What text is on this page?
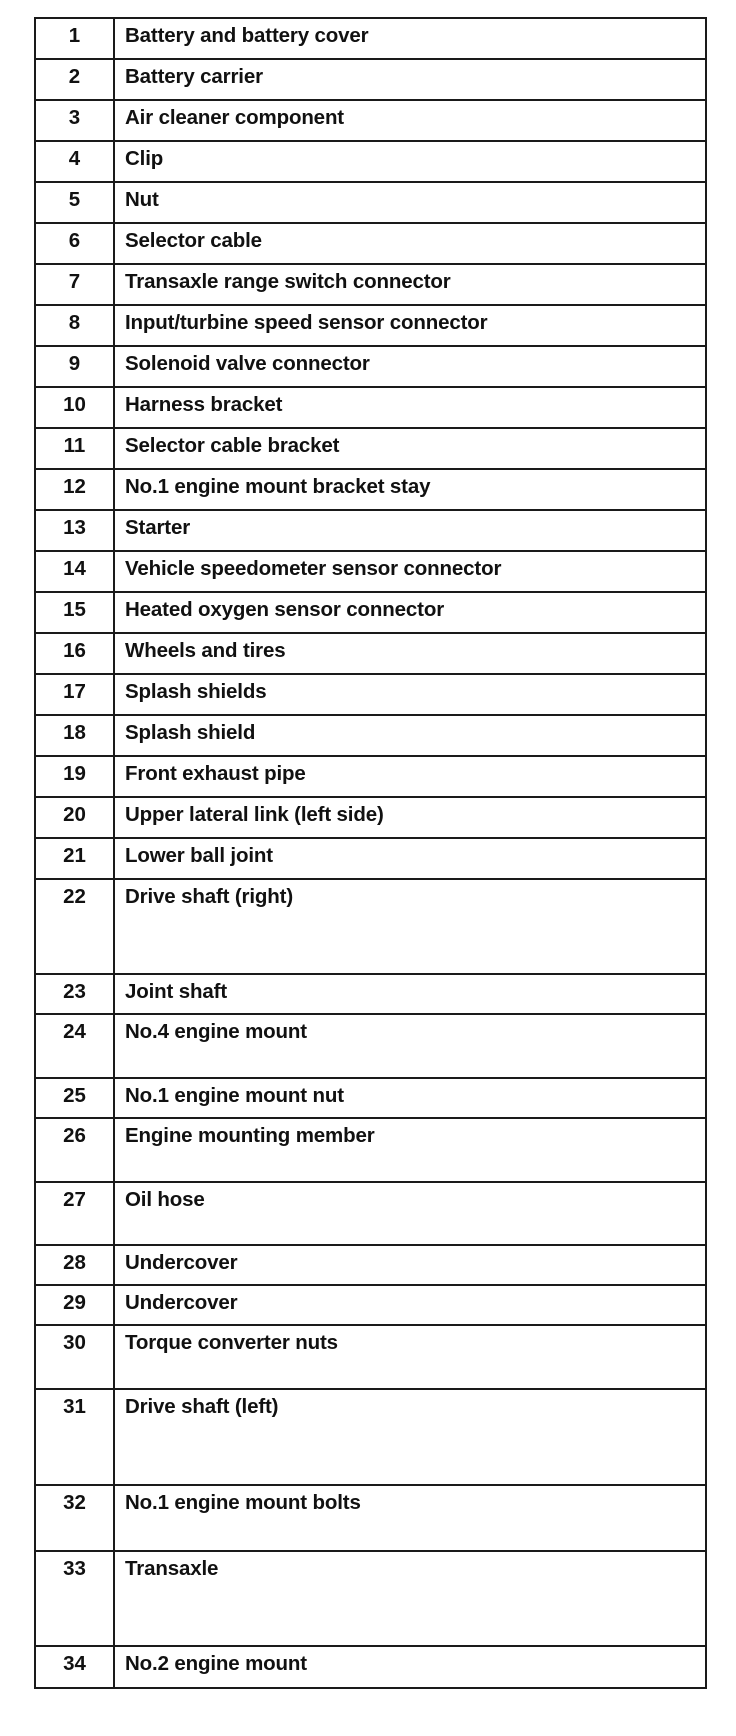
1	Battery and battery cover
2	Battery carrier
3	Air cleaner component
4	Clip
5	Nut
6	Selector cable
7	Transaxle range switch connector
8	Input/turbine speed sensor connector
9	Solenoid valve connector
10	Harness bracket
11	Selector cable bracket
12	No.1 engine mount bracket stay
13	Starter
14	Vehicle speedometer sensor connector
15	Heated oxygen sensor connector
16	Wheels and tires
17	Splash shields
18	Splash shield
19	Front exhaust pipe
20	Upper lateral link (left side)
21	Lower ball joint
22	Drive shaft (right)
23	Joint shaft
24	No.4 engine mount
25	No.1 engine mount nut
26	Engine mounting member
27	Oil hose
28	Undercover
29	Undercover
30	Torque converter nuts
31	Drive shaft (left)
32	No.1 engine mount bolts
33	Transaxle
34	No.2 engine mount
